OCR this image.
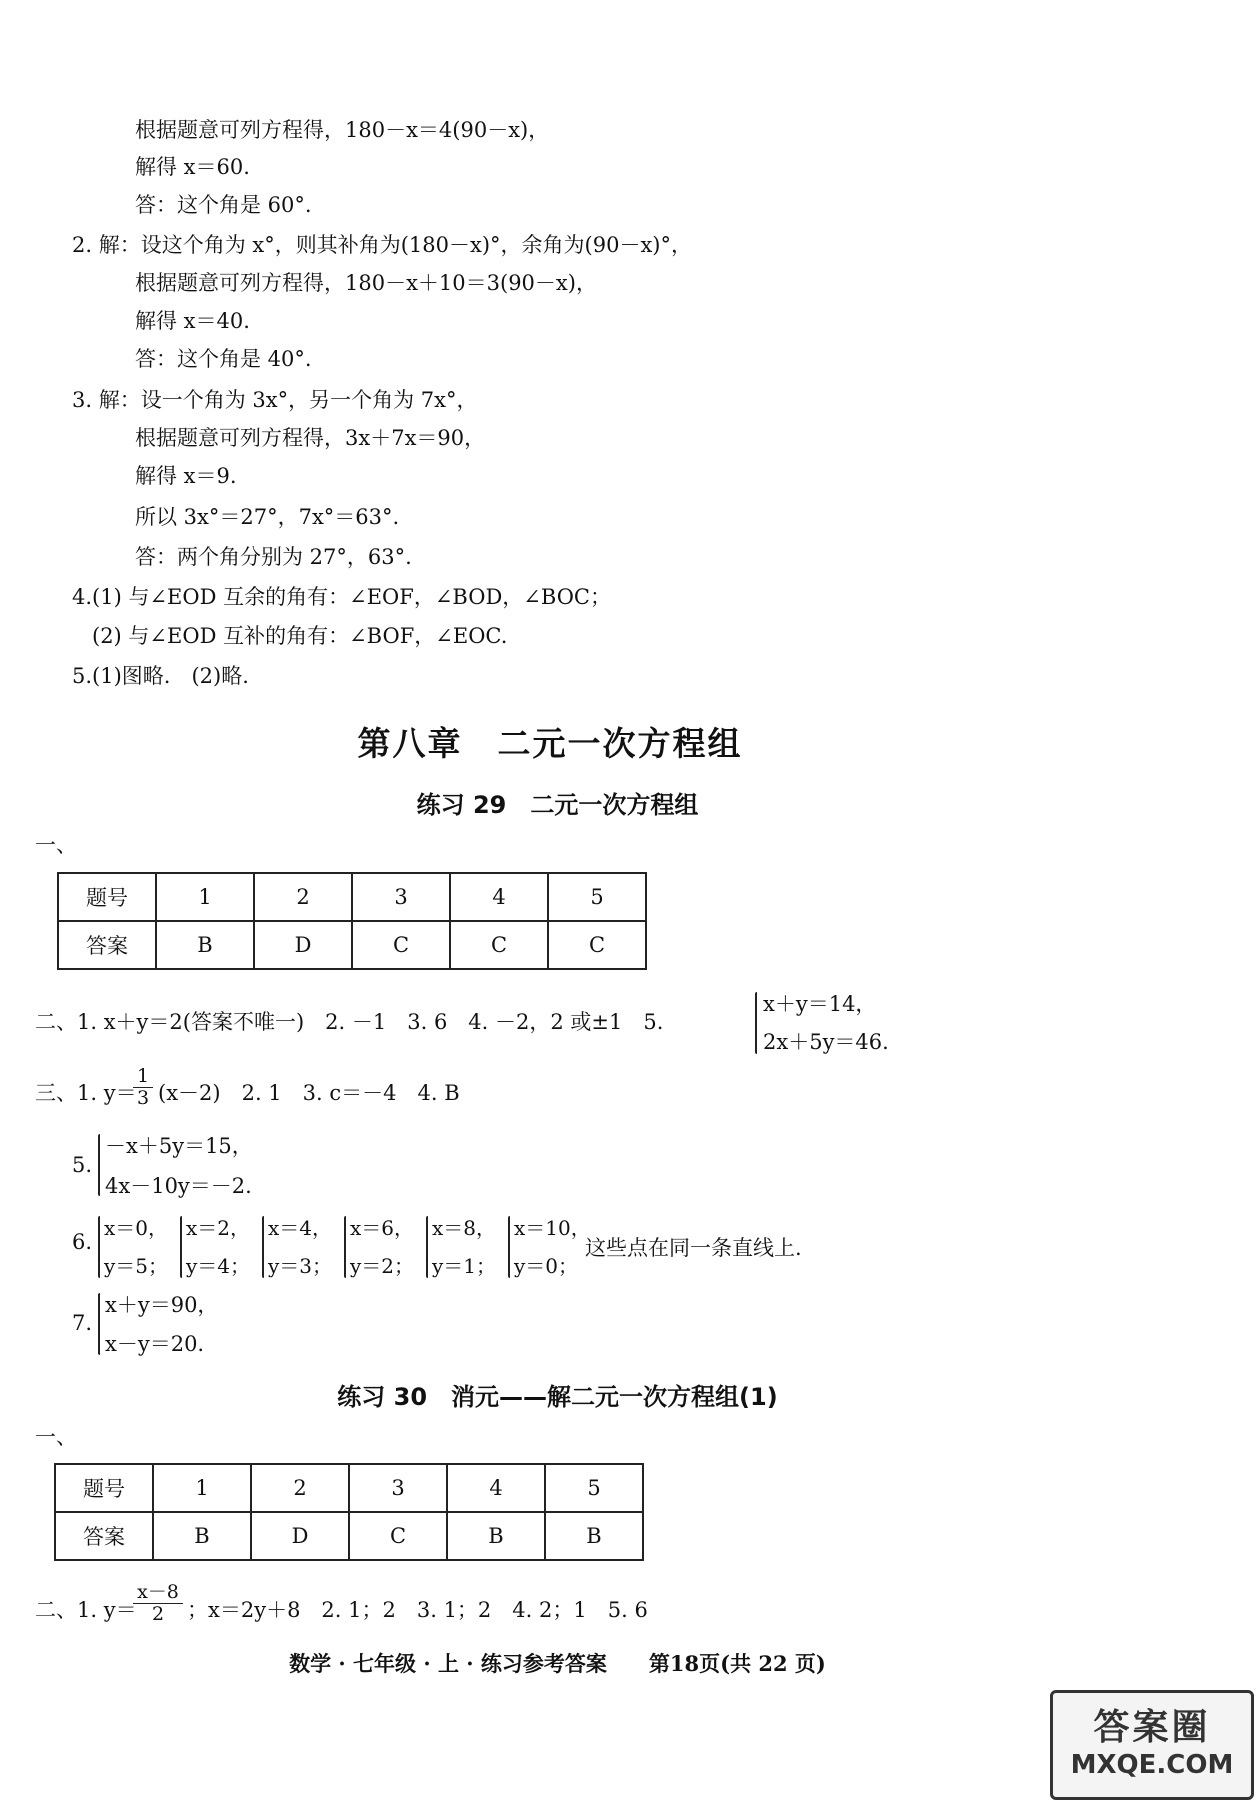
根据题意可列方程得，180－x＝4(90－x)，
解得 x＝60.
答：这个角是 60°.
2. 解：设这个角为 x°，则其补角为(180－x)°，余角为(90－x)°，
根据题意可列方程得，180－x＋10＝3(90－x)，
解得 x＝40.
答：这个角是 40°.
3. 解：设一个角为 3x°，另一个角为 7x°，
根据题意可列方程得，3x＋7x＝90，
解得 x＝9.
所以 3x°＝27°，7x°＝63°.
答：两个角分别为 27°，63°.
4.(1) 与∠EOD 互余的角有：∠EOF，∠BOD，∠BOC；
(2) 与∠EOD 互补的角有：∠BOF，∠EOC.
5.(1)图略.　(2)略.
第八章　二元一次方程组
练习 29　二元一次方程组
一、
题号	1	2	3	4	5
答案	B	D	C	C	C
二、1. x＋y＝2(答案不唯一)　2. －1　3. 6　4. －2，2 或±1　5.
x＋y＝14，
2x＋5y＝46.
三、1. y＝
$\frac{1}{3} (x-2)$　2. 1　3. c＝－4　4. B
5.
－x＋5y＝15，
4x－10y＝－2.
6.
x＝0，
y＝5；
x＝2，
y＝4；
x＝4，
y＝3；
x＝6，
y＝2；
x＝8，
y＝1；
x＝10，
y＝0；
这些点在同一条直线上.
7.
x＋y＝90，
x－y＝20.
练习 30　消元——解二元一次方程组(1)
一、
题号	1	2	3	4	5
答案	B	D	C	B	B
二、1. y＝
$\frac{x-8}{2}$ ；x＝2y＋8　2. 1；2　3. 1；2　4. 2；1　5. 6
数学 · 七年级 · 上 · 练习参考答案　　第18页(共 22 页)
答案圈
MXQE.COM
